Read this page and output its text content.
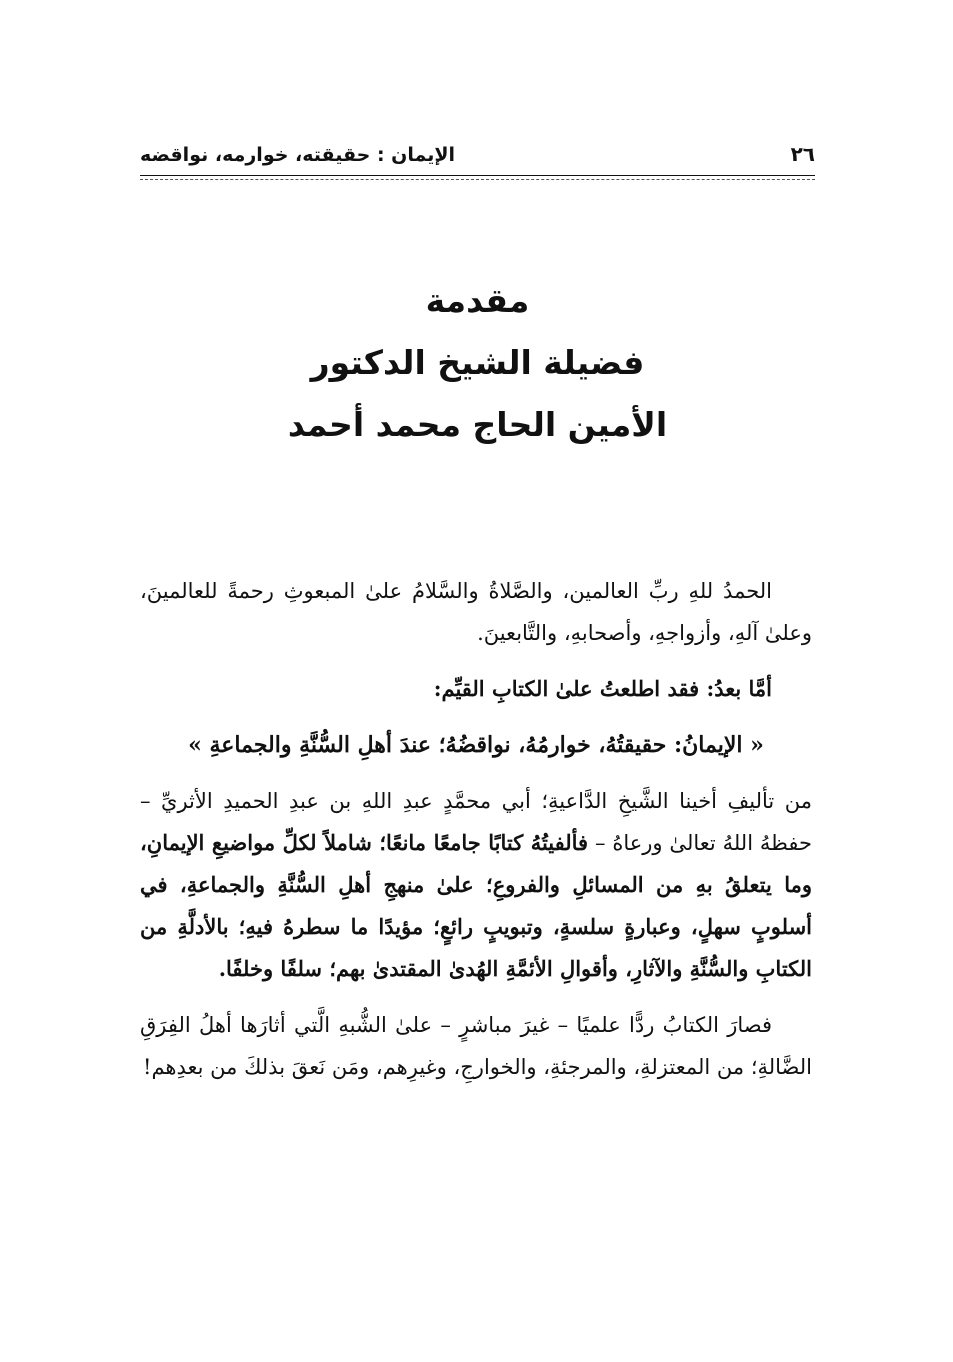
الإيمان : حقيقته، خوارمه، نواقضه	٢٦
مقدمة
فضيلة الشيخ الدكتور
الأمين الحاج محمد أحمد

الحمدُ للهِ ربِّ العالمين، والصَّلاةُ والسَّلامُ علىٰ المبعوثِ رحمةً للعالمينَ، وعلىٰ آلهِ، وأزواجهِ، وأصحابهِ، والتَّابعينَ.

أمَّا بعدُ: فقد اطلعتُ علىٰ الكتابِ القيِّم:

« الإيمانُ: حقيقتُهُ، خوارمُهُ، نواقضُهُ؛ عندَ أهلِ السُّنَّةِ والجماعةِ »

من تأليفِ أخينا الشَّيخِ الدَّاعيةِ؛ أبي محمَّدٍ عبدِ اللهِ بن عبدِ الحميدِ الأثريِّ – حفظهُ اللهُ تعالىٰ ورعاهُ – فألفيتُهُ كتابًا جامعًا مانعًا؛ شاملاً لكلِّ مواضيعِ الإيمانِ، وما يتعلقُ بهِ من المسائلِ والفروعِ؛ علىٰ منهجِ أهلِ السُّنَّةِ والجماعةِ، في أسلوبٍ سهلٍ، وعبارةٍ سلسةٍ، وتبويبٍ رائعٍ؛ مؤيدًا ما سطرهُ فيهِ؛ بالأدلَّةِ من الكتابِ والسُّنَّةِ والآثارِ، وأقوالِ الأئمَّةِ الهُدىٰ المقتدىٰ بهم؛ سلفًا وخلفًا.

فصارَ الكتابُ ردًّا علميًا – غيرَ مباشرٍ – علىٰ الشُّبهِ الَّتي أثارَها أهلُ الفِرَقِ الضَّالةِ؛ من المعتزلةِ، والمرجئةِ، والخوارجِ، وغيرِهم، ومَن نَعقَ بذلكَ من بعدِهم!
